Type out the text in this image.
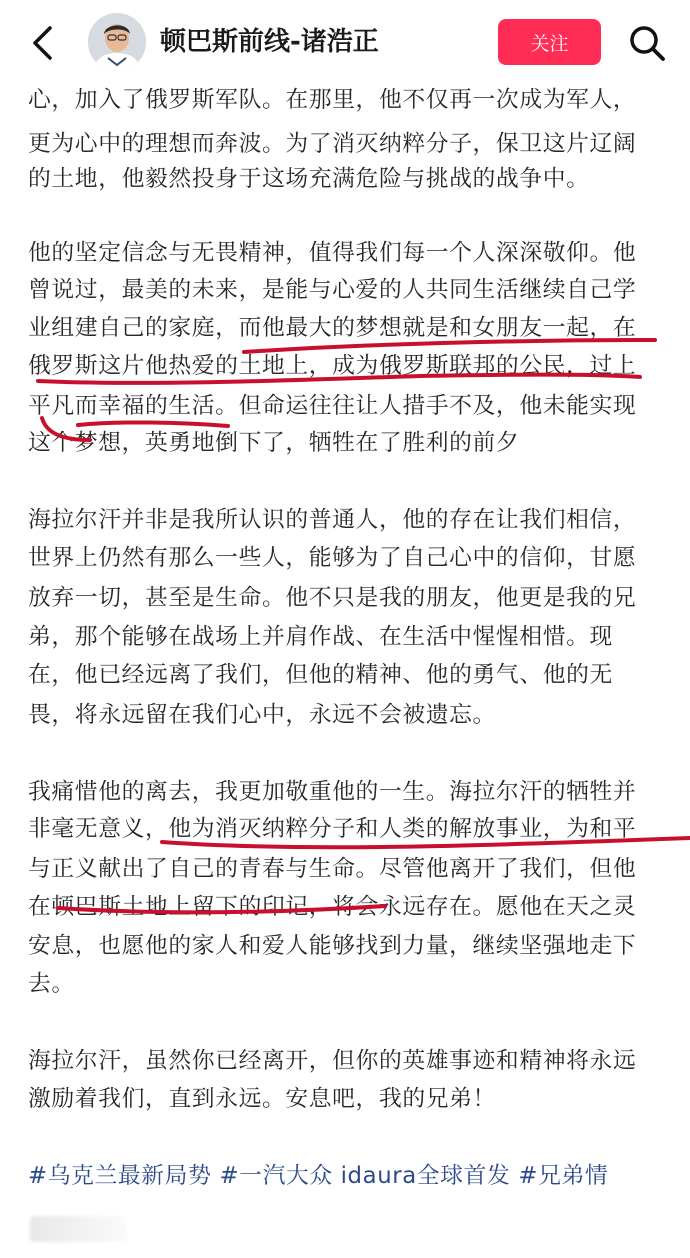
心，加入了俄罗斯军队。在那里，他不仅再一次成为军人，
更为心中的理想而奔波。为了消灭纳粹分子，保卫这片辽阔
的土地，他毅然投身于这场充满危险与挑战的战争中。
他的坚定信念与无畏精神，值得我们每一个人深深敬仰。他
曾说过，最美的未来，是能与心爱的人共同生活继续自己学
业组建自己的家庭，而他最大的梦想就是和女朋友一起，在
俄罗斯这片他热爱的土地上，成为俄罗斯联邦的公民，过上
平凡而幸福的生活。但命运往往让人措手不及，他未能实现
这个梦想，英勇地倒下了，牺牲在了胜利的前夕
海拉尔汗并非是我所认识的普通人，他的存在让我们相信，
世界上仍然有那么一些人，能够为了自己心中的信仰，甘愿
放弃一切，甚至是生命。他不只是我的朋友，他更是我的兄
弟，那个能够在战场上并肩作战、在生活中惺惺相惜。现
在，他已经远离了我们，但他的精神、他的勇气、他的无
畏，将永远留在我们心中，永远不会被遗忘。
我痛惜他的离去，我更加敬重他的一生。海拉尔汗的牺牲并
非毫无意义，他为消灭纳粹分子和人类的解放事业，为和平
与正义献出了自己的青春与生命。尽管他离开了我们，但他
在顿巴斯土地上留下的印记，将会永远存在。愿他在天之灵
安息，也愿他的家人和爱人能够找到力量，继续坚强地走下
去。
海拉尔汗，虽然你已经离开，但你的英雄事迹和精神将永远
激励着我们，直到永远。安息吧，我的兄弟！
#乌克兰最新局势 #一汽大众 idaura全球首发 #兄弟情
顿巴斯前线-诸浩正	关注
